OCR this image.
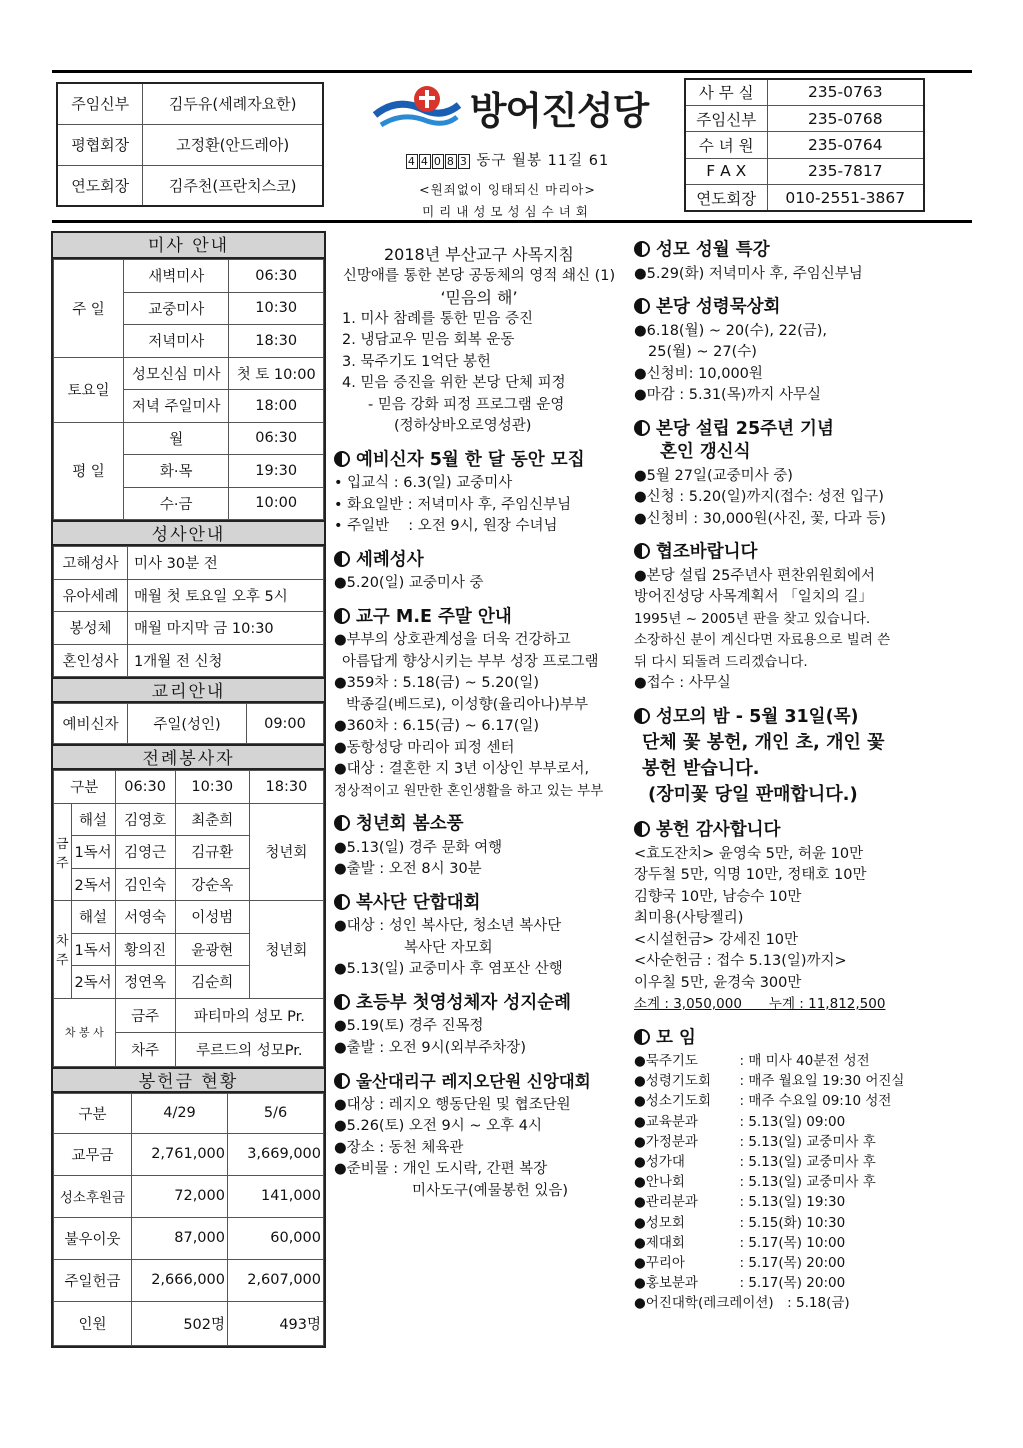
주임신부	김두유(세례자요한)
평협회장	고정환(안드레아)
연도회장	김주천(프란치스코)
방어진성당
4 4 0 8 3 동구 월봉 11길 61
<원죄없이 잉태되신 마리아>
미리내성모성심수녀회
사 무 실	235-0763
주임신부	235-0768
수 녀 원	235-0764
F A X	235-7817
연도회장	010-2551-3867
미사 안내
주 일	새벽미사	06:30
	교중미사	10:30
	저녁미사	18:30
토요일	성모신심 미사	첫 토 10:00
	저녁 주일미사	18:00
평 일	월	06:30
	화·목	19:30
	수·금	10:00
성사안내
고해성사	미사 30분 전
유아세례	매월 첫 토요일 오후 5시
봉성체	매월 마지막 금 10:30
혼인성사	1개월 전 신청
교리안내
예비신자	주일(성인)	09:00
전례봉사자
구분		06:30	10:30	18:30
금 주	해설	김영호	최춘희	청년회
	1독서	김영근	김규환	
	2독서	김인숙	강순옥	
차 주	해설	서영숙	이성범	청년회
	1독서	황의진	윤광현	
	2독서	정연옥	김순희	
차 봉 사		금주	파티마의 성모 Pr.	
		차주	루르드의 성모Pr.	
봉헌금 현황
구분	4/29	5/6
교무금	2,761,000	3,669,000
성소후원금	72,000	141,000
불우이웃	87,000	60,000
주일헌금	2,666,000	2,607,000
인원	502명	493명
2018년 부산교구 사목지침
신망애를 통한 본당 공동체의 영적 쇄신 (1)
‘믿음의 해’
1. 미사 참례를 통한 믿음 증진
2. 냉담교우 믿음 회복 운동
3. 묵주기도 1억단 봉헌
4. 믿음 증진을 위한 본당 단체 피정
- 믿음 강화 피정 프로그램 운영
(정하상바오로영성관)
예비신자 5월 한 달 동안 모집
• 입교식 : 6.3(일) 교중미사
• 화요일반 : 저녁미사 후, 주임신부님
• 주일반 　: 오전 9시, 원장 수녀님
세례성사
●5.20(일) 교중미사 중
교구 M.E 주말 안내
●부부의 상호관계성을 더욱 건강하고
아름답게 향상시키는 부부 성장 프로그램
●359차 : 5.18(금) ~ 5.20(일)
박종길(베드로), 이성향(율리아나)부부
●360차 : 6.15(금) ~ 6.17(일)
●동항성당 마리아 피정 센터
●대상 : 결혼한 지 3년 이상인 부부로서,
정상적이고 원만한 혼인생활을 하고 있는 부부
청년회 봄소풍
●5.13(일) 경주 문화 여행
●출발 : 오전 8시 30분
복사단 단합대회
●대상 : 성인 복사단, 청소년 복사단
복사단 자모회
●5.13(일) 교중미사 후 염포산 산행
초등부 첫영성체자 성지순례
●5.19(토) 경주 진목정
●출발 : 오전 9시(외부주차장)
울산대리구 레지오단원 신앙대회
●대상 : 레지오 행동단원 및 협조단원
●5.26(토) 오전 9시 ~ 오후 4시
●장소 : 동천 체육관
●준비물 : 개인 도시락, 간편 복장
미사도구(예물봉헌 있음)
성모 성월 특강
●5.29(화) 저녁미사 후, 주임신부님
본당 성령묵상회
●6.18(월) ~ 20(수), 22(금),
25(월) ~ 27(수)
●신청비: 10,000원
●마감 : 5.31(목)까지 사무실
본당 설립 25주년 기념
혼인 갱신식
●5월 27일(교중미사 중)
●신청 : 5.20(일)까지(접수: 성전 입구)
●신청비 : 30,000원(사진, 꽃, 다과 등)
협조바랍니다
●본당 설립 25주년사 편찬위원회에서
방어진성당 사목계획서 「일치의 길」
1995년 ~ 2005년 판을 찾고 있습니다.
소장하신 분이 계신다면 자료용으로 빌려 쓴
뒤 다시 되돌려 드리겠습니다.
●접수 : 사무실
성모의 밤 - 5월 31일(목)
단체 꽃 봉헌, 개인 초, 개인 꽃
봉헌 받습니다.
(장미꽃 당일 판매합니다.)
봉헌 감사합니다
<효도잔치> 윤영숙 5만, 허윤 10만
장두철 5만, 익명 10만, 정태호 10만
김향국 10만, 남승수 10만
최미용(사탕젤리)
<시설헌금> 강세진 10만
<사순헌금 : 접수 5.13(일)까지>
이우칠 5만, 윤경숙 300만
소계 : 3,050,000　　누계 : 11,812,500
모 임
●묵주기도　: 매 미사 40분전 성전
●성령기도회　: 매주 월요일 19:30 어진실
●성소기도회　: 매주 수요일 09:10 성전
●교육분과　: 5.13(일) 09:00
●가정분과　: 5.13(일) 교중미사 후
●성가대	　: 5.13(일) 교중미사 후
●안나회	　: 5.13(일) 교중미사 후
●관리분과　: 5.13(일) 19:30
●성모회	　: 5.15(화) 10:30
●제대회	　: 5.17(목) 10:00
●꾸리아	　: 5.17(목) 20:00
●홍보분과　: 5.17(목) 20:00
●어진대학(레크레이션)　: 5.18(금)
